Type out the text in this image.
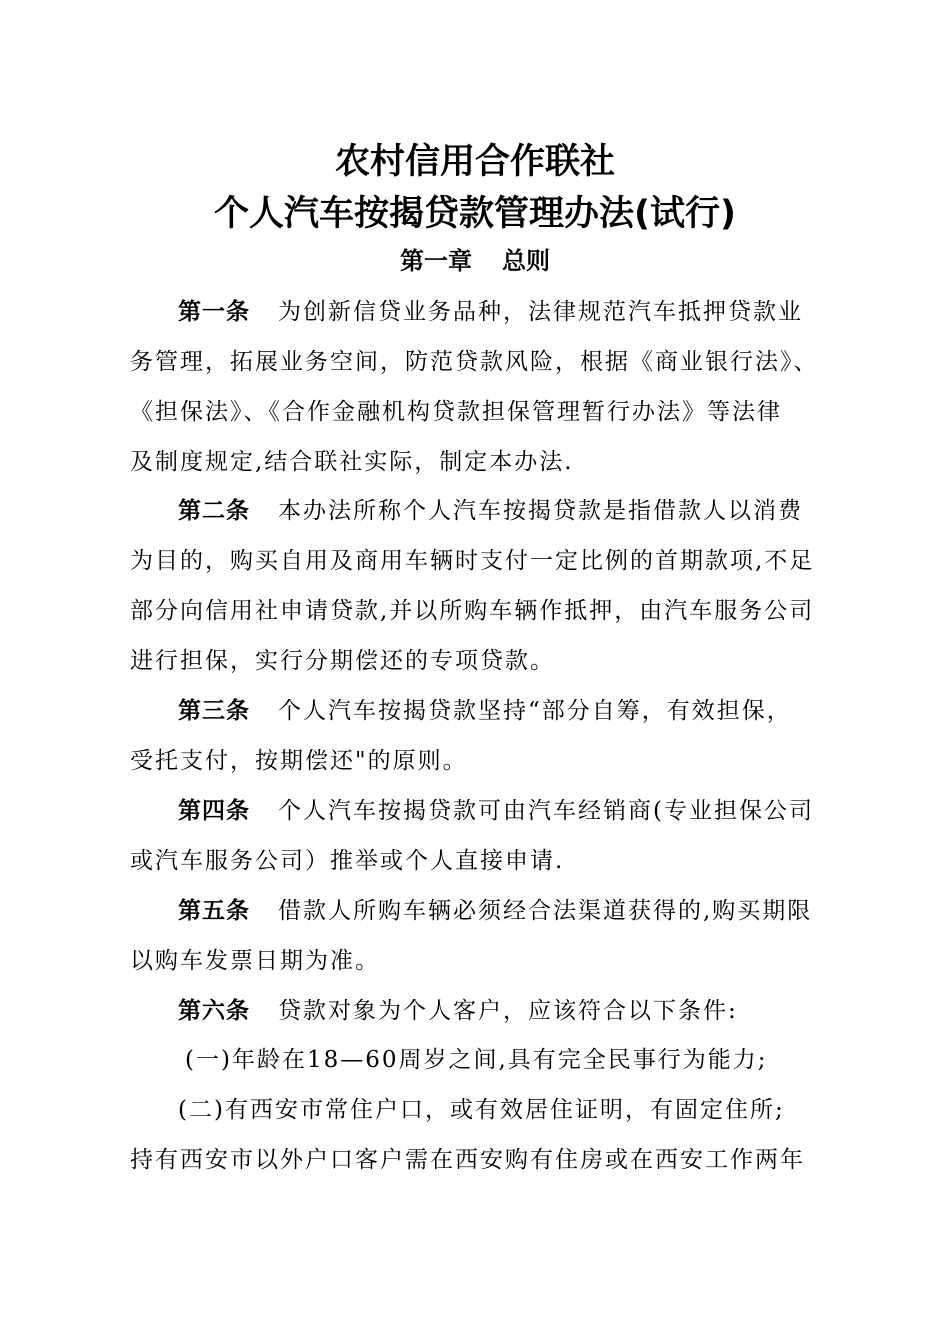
农村信用合作联社
个人汽车按揭贷款管理办法(试行)
第一章 总则
第一条 为创新信贷业务品种，法律规范汽车抵押贷款业
务管理，拓展业务空间，防范贷款风险，根据《商业银行法》、
《担保法》、《合作金融机构贷款担保管理暂行办法》等法律
及制度规定,结合联社实际，制定本办法.
第二条 本办法所称个人汽车按揭贷款是指借款人以消费
为目的，购买自用及商用车辆时支付一定比例的首期款项,不足
部分向信用社申请贷款,并以所购车辆作抵押，由汽车服务公司
进行担保，实行分期偿还的专项贷款。
第三条 个人汽车按揭贷款坚持“部分自筹，有效担保，
受托支付，按期偿还"的原则。
第四条 个人汽车按揭贷款可由汽车经销商(专业担保公司
或汽车服务公司）推举或个人直接申请.
第五条 借款人所购车辆必须经合法渠道获得的,购买期限
以购车发票日期为准。
第六条 贷款对象为个人客户，应该符合以下条件:
(一)年龄在18—60周岁之间,具有完全民事行为能力;
(二)有西安市常住户口，或有效居住证明，有固定住所;
持有西安市以外户口客户需在西安购有住房或在西安工作两年
